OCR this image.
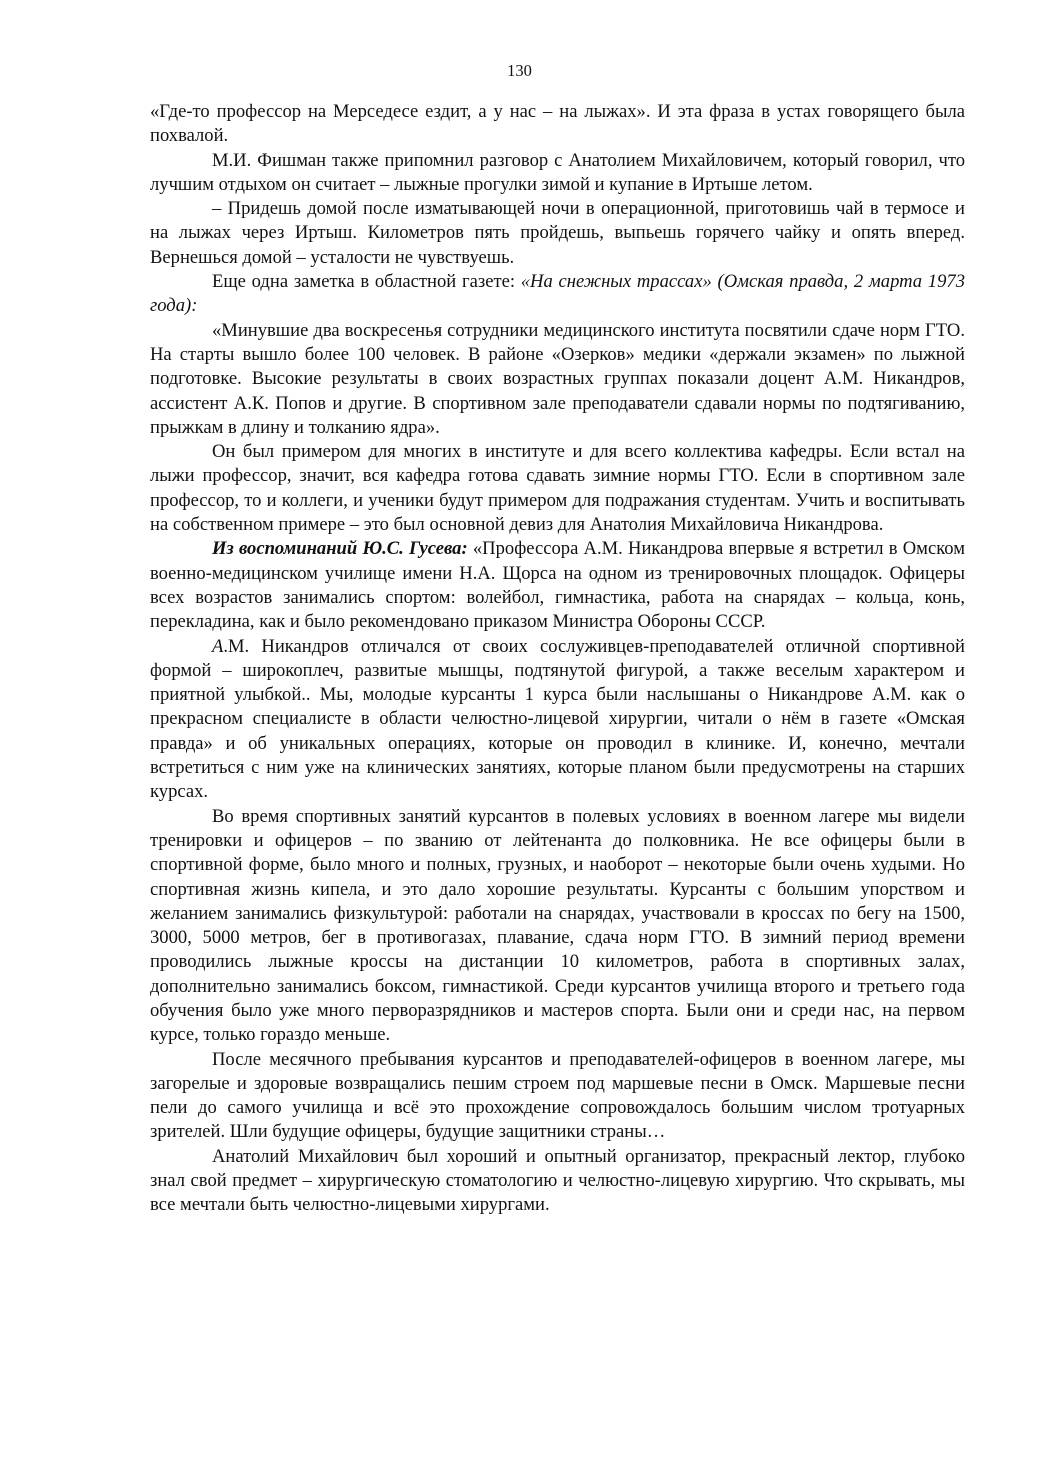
130

«Где-то профессор на Мерседесе ездит, а у нас – на лыжах». И эта фраза в устах говорящего была похвалой.

М.И. Фишман также припомнил разговор с Анатолием Михайловичем, который говорил, что лучшим отдыхом он считает – лыжные прогулки зимой и купание в Иртыше летом.

– Придешь домой после изматывающей ночи в операционной, приготовишь чай в термосе и на лыжах через Иртыш. Километров пять пройдешь, выпьешь горячего чайку и опять вперед. Вернешься домой – усталости не чувствуешь.

Еще одна заметка в областной газете: «На снежных трассах» (Омская правда, 2 марта 1973 года):

«Минувшие два воскресенья сотрудники медицинского института посвятили сдаче норм ГТО. На старты вышло более 100 человек. В районе «Озерков» медики «держали экзамен» по лыжной подготовке. Высокие результаты в своих возрастных группах показали доцент А.М. Никандров, ассистент А.К. Попов и другие. В спортивном зале преподаватели сдавали нормы по подтягиванию, прыжкам в длину и толканию ядра».

Он был примером для многих в институте и для всего коллектива кафедры. Если встал на лыжи профессор, значит, вся кафедра готова сдавать зимние нормы ГТО. Если в спортивном зале профессор, то и коллеги, и ученики будут примером для подражания студентам. Учить и воспитывать на собственном примере – это был основной девиз для Анатолия Михайловича Никандрова.

Из воспоминаний Ю.С. Гусева: «Профессора А.М. Никандрова впервые я встретил в Омском военно-медицинском училище имени Н.А. Щорса на одном из тренировочных площадок. Офицеры всех возрастов занимались спортом: волейбол, гимнастика, работа на снарядах – кольца, конь, перекладина, как и было рекомендовано приказом Министра Обороны СССР.

А.М. Никандров отличался от своих сослуживцев-преподавателей отличной спортивной формой – широкоплеч, развитые мышцы, подтянутой фигурой, а также веселым характером и приятной улыбкой.. Мы, молодые курсанты 1 курса были наслышаны о Никандрове А.М. как о прекрасном специалисте в области челюстно-лицевой хирургии, читали о нём в газете «Омская правда» и об уникальных операциях, которые он проводил в клинике. И, конечно, мечтали встретиться с ним уже на клинических занятиях, которые планом были предусмотрены на старших курсах.

Во время спортивных занятий курсантов в полевых условиях в военном лагере мы видели тренировки и офицеров – по званию от лейтенанта до полковника. Не все офицеры были в спортивной форме, было много и полных, грузных, и наоборот – некоторые были очень худыми. Но спортивная жизнь кипела, и это дало хорошие результаты. Курсанты с большим упорством и желанием занимались физкультурой: работали на снарядах, участвовали в кроссах по бегу на 1500, 3000, 5000 метров, бег в противогазах, плавание, сдача норм ГТО. В зимний период времени проводились лыжные кроссы на дистанции 10 километров, работа в спортивных залах, дополнительно занимались боксом, гимнастикой. Среди курсантов училища второго и третьего года обучения было уже много перворазрядников и мастеров спорта. Были они и среди нас, на первом курсе, только гораздо меньше.

После месячного пребывания курсантов и преподавателей-офицеров в военном лагере, мы загорелые и здоровые возвращались пешим строем под маршевые песни в Омск. Маршевые песни пели до самого училища и всё это прохождение сопровождалось большим числом тротуарных зрителей. Шли будущие офицеры, будущие защитники страны…

Анатолий Михайлович был хороший и опытный организатор, прекрасный лектор, глубоко знал свой предмет – хирургическую стоматологию и челюстно-лицевую хирургию. Что скрывать, мы все мечтали быть челюстно-лицевыми хирургами.
